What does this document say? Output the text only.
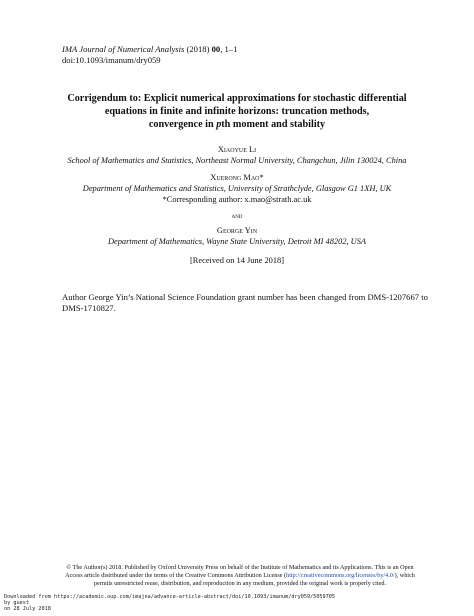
IMA Journal of Numerical Analysis (2018) 00, 1–1
doi:10.1093/imanum/dry059
Corrigendum to: Explicit numerical approximations for stochastic differential
equations in finite and infinite horizons: truncation methods,
convergence in pth moment and stability
Xiaoyue Li
School of Mathematics and Statistics, Northeast Normal University, Changchun, Jilin 130024, China
Xuerong Mao*
Department of Mathematics and Statistics, University of Strathclyde, Glasgow G1 1XH, UK
*Corresponding author: x.mao@strath.ac.uk
and
George Yin
Department of Mathematics, Wayne State University, Detroit MI 48202, USA
[Received on 14 June 2018]
Author George Yin’s National Science Foundation grant number has been changed from DMS-1207667 to DMS-1710827.
© The Author(s) 2018. Published by Oxford University Press on behalf of the Institute of Mathematics and its Applications. This is an Open
Access article distributed under the terms of the Creative Commons Attribution License (http://creativecommons.org/licenses/by/4.0/), which
permits unrestricted reuse, distribution, and reproduction in any medium, provided the original work is properly cited.
Downloaded from https://academic.oup.com/imajna/advance-article-abstract/doi/10.1093/imanum/dry059/5059705
by guest
on 28 July 2018
